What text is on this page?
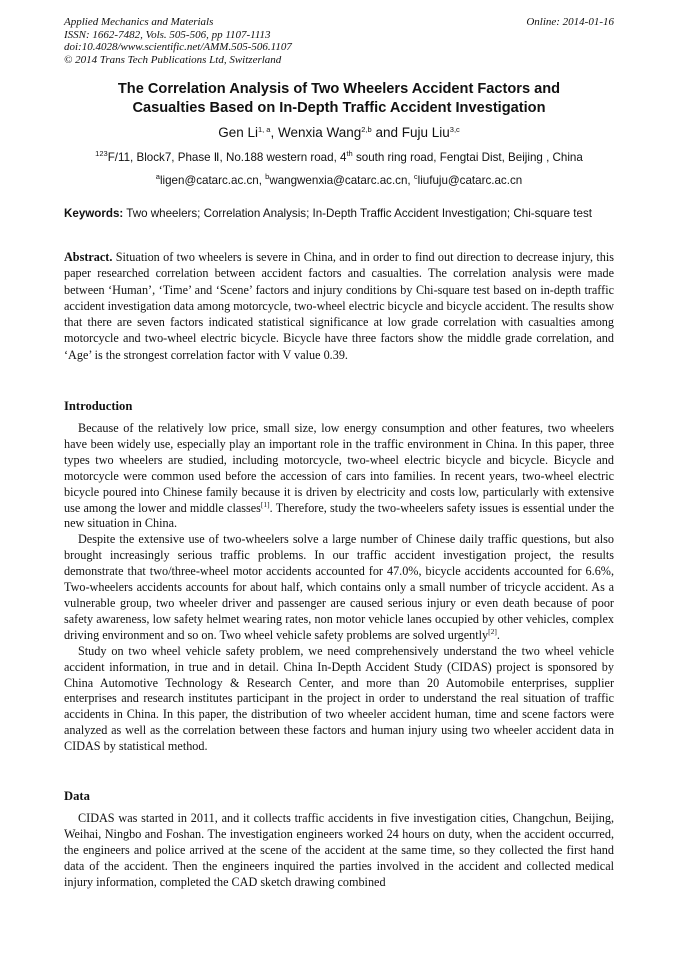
Applied Mechanics and Materials
ISSN: 1662-7482, Vols. 505-506, pp 1107-1113
doi:10.4028/www.scientific.net/AMM.505-506.1107
© 2014 Trans Tech Publications Ltd, Switzerland
Online: 2014-01-16
The Correlation Analysis of Two Wheelers Accident Factors and
Casualties Based on In-Depth Traffic Accident Investigation
Gen Li$^{1, a}$, Wenxia Wang$^{2,b}$ and Fuju Liu$^{3,c}$
$^{123}$F/11, Block7, Phase Ⅱ, No.188 western road, 4th south ring road, Fengtai Dist, Beijing , China
$^a$ligen@catarc.ac.cn, $^b$wangwenxia@catarc.ac.cn, $^c$liufuju@catarc.ac.cn
Keywords: Two wheelers; Correlation Analysis; In-Depth Traffic Accident Investigation; Chi-square test
Abstract. Situation of two wheelers is severe in China, and in order to find out direction to decrease injury, this paper researched correlation between accident factors and casualties. The correlation analysis were made between ‘Human’, ‘Time’ and ‘Scene’ factors and injury conditions by Chi-square test based on in-depth traffic accident investigation data among motorcycle, two-wheel electric bicycle and bicycle accident. The results show that there are seven factors indicated statistical significance at low grade correlation with casualties among motorcycle and two-wheel electric bicycle. Bicycle have three factors show the middle grade correlation, and ‘Age’ is the strongest correlation factor with V value 0.39.
Introduction

Because of the relatively low price, small size, low energy consumption and other features, two wheelers have been widely use, especially play an important role in the traffic environment in China. In this paper, three types two wheelers are studied, including motorcycle, two-wheel electric bicycle and bicycle. Bicycle and motorcycle were common used before the accession of cars into families. In recent years, two-wheel electric bicycle poured into Chinese family because it is driven by electricity and costs low, particularly with extensive use among the lower and middle classes[1]. Therefore, study the two-wheelers safety issues is essential under the new situation in China.

Despite the extensive use of two-wheelers solve a large number of Chinese daily traffic questions, but also brought increasingly serious traffic problems. In our traffic accident investigation project, the results demonstrate that two/three-wheel motor accidents accounted for 47.0%, bicycle accidents accounted for 6.6%, Two-wheelers accidents accounts for about half, which contains only a small number of tricycle accident. As a vulnerable group, two wheeler driver and passenger are caused serious injury or even death because of poor safety awareness, low safety helmet wearing rates, non motor vehicle lanes occupied by other vehicles, complex driving environment and so on. Two wheel vehicle safety problems are solved urgently[2].

Study on two wheel vehicle safety problem, we need comprehensively understand the two wheel vehicle accident information, in true and in detail. China In-Depth Accident Study (CIDAS) project is sponsored by China Automotive Technology & Research Center, and more than 20 Automobile enterprises, supplier enterprises and research institutes participant in the project in order to understand the real situation of traffic accidents in China. In this paper, the distribution of two wheeler accident human, time and scene factors were analyzed as well as the correlation between these factors and human injury using two wheeler accident data in CIDAS by statistical method.

Data

CIDAS was started in 2011, and it collects traffic accidents in five investigation cities, Changchun, Beijing, Weihai, Ningbo and Foshan. The investigation engineers worked 24 hours on duty, when the accident occurred, the engineers and police arrived at the scene of the accident at the same time, so they collected the first hand data of the accident. Then the engineers inquired the parties involved in the accident and collected medical injury information, completed the CAD sketch drawing combined
